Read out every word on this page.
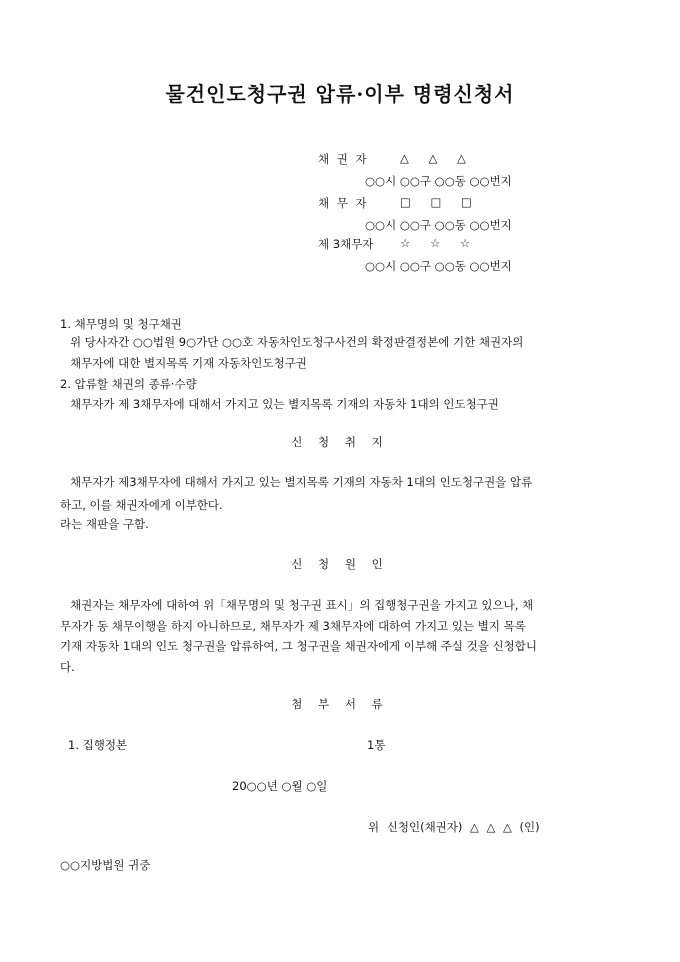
물건인도청구권 압류·이부 명령신청서
채 권 자	△ △ △
○○시 ○○구 ○○동 ○○번지
채 무 자	□ □ □
○○시 ○○구 ○○동 ○○번지
제 3채무자 ☆ ☆ ☆
○○시 ○○구 ○○동 ○○번지
1. 채무명의 및 청구채권
위 당사자간 ○○법원 9○가단 ○○호 자동차인도청구사건의 확정판결정본에 기한 채권자의
채무자에 대한 별지목록 기재 자동차인도청구권
2. 압류할 채권의 종류·수량
채무자가 제 3채무자에 대해서 가지고 있는 별지목록 기재의 자동차 1대의 인도청구권
신 청 취 지
채무자가 제3채무자에 대해서 가지고 있는 별지목록 기재의 자동차 1대의 인도청구권을 압류
하고, 이를 채권자에게 이부한다.
라는 재판을 구함.
신 청 원 인
채권자는 채무자에 대하여 위「채무명의 및 청구권 표시」의 집행청구권을 가지고 있으나, 채
무자가 동 채무이행을 하지 아니하므로, 채무자가 제 3채무자에 대하여 가지고 있는 별지 목록
기재 자동차 1대의 인도 청구권을 압류하여, 그 청구권을 채권자에게 이부해 주실 것을 신청합니
다.
첨 부 서 류
1. 집행정본	1통
20○○년 ○월 ○일
위 신청인(채권자) △ △ △ (인)
○○지방법원 귀중
